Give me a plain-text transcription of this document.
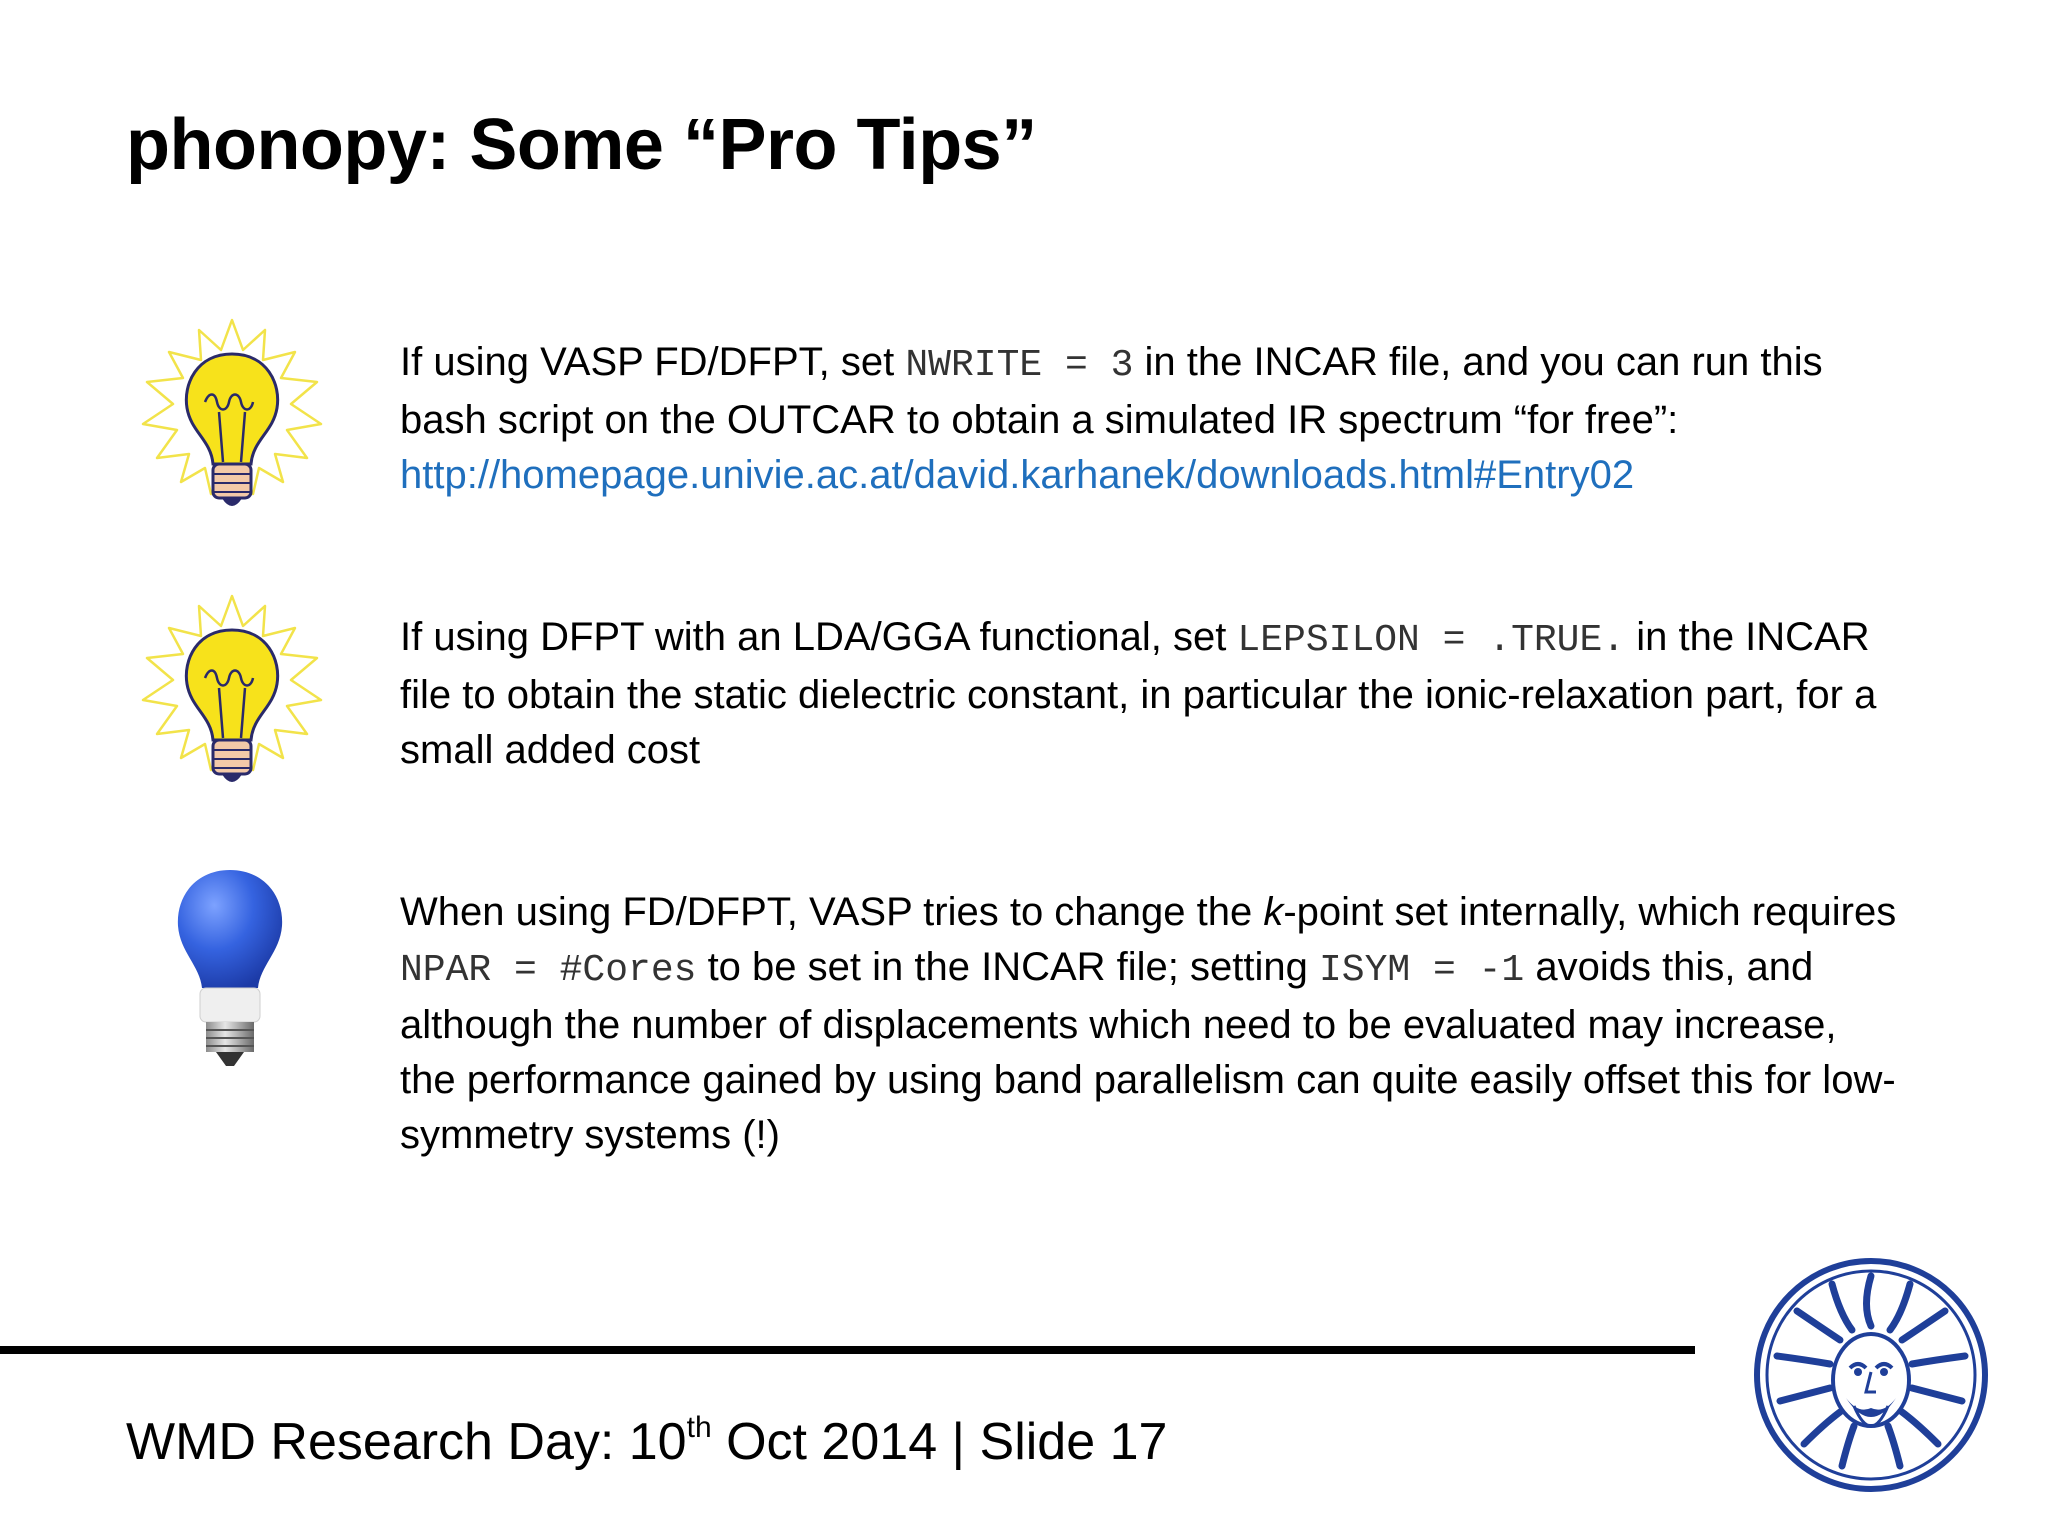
phonopy: Some “Pro Tips”
If using VASP FD/DFPT, set NWRITE = 3 in the INCAR file, and you can run this bash script on the OUTCAR to obtain a simulated IR spectrum “for free”:
http://homepage.univie.ac.at/david.karhanek/downloads.html#Entry02
If using DFPT with an LDA/GGA functional, set LEPSILON = .TRUE. in the INCAR file to obtain the static dielectric constant, in particular the ionic-relaxation part, for a small added cost
When using FD/DFPT, VASP tries to change the k-point set internally, which requires NPAR = #Cores to be set in the INCAR file; setting ISYM = -1 avoids this, and although the number of displacements which need to be evaluated may increase, the performance gained by using band parallelism can quite easily offset this for low-symmetry systems (!)
WMD Research Day: 10th Oct 2014 | Slide 17
